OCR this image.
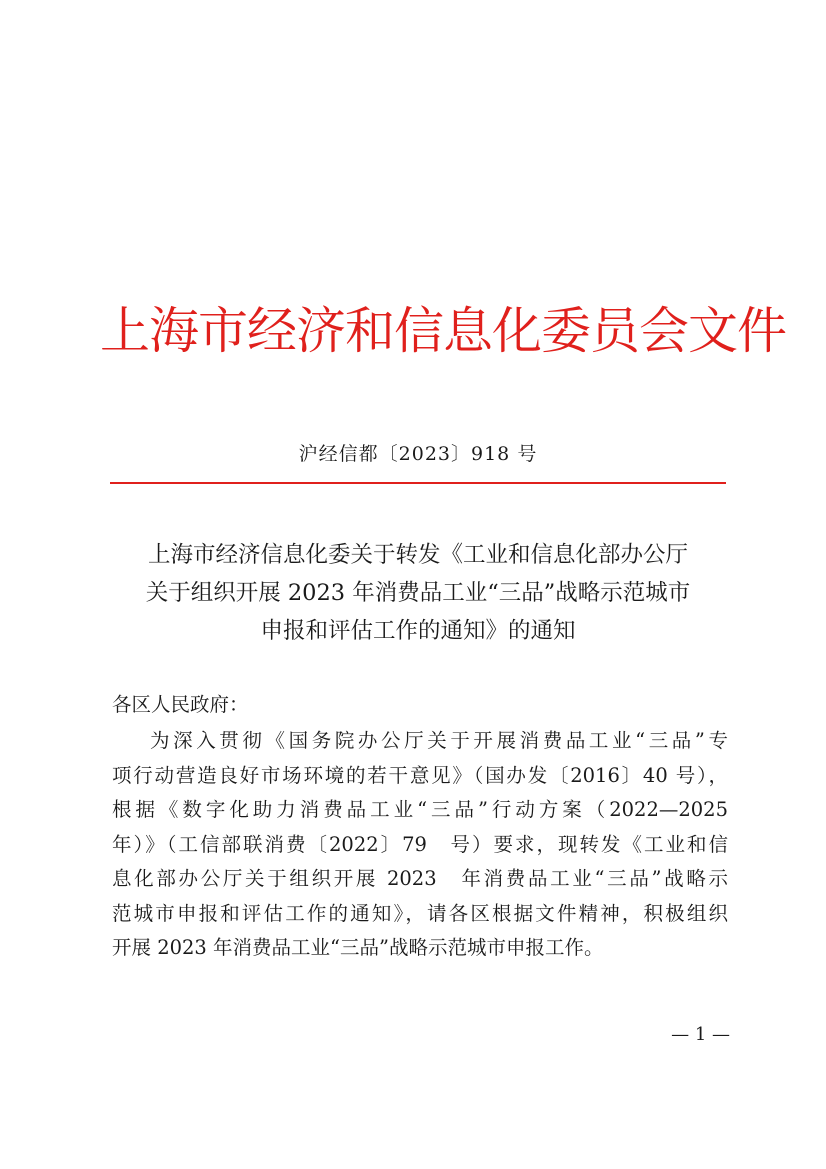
上海市经济和信息化委员会文件
沪经信都〔2023〕918 号
上海市经济信息化委关于转发《工业和信息化部办公厅
关于组织开展 2023 年消费品工业“三品”战略示范城市
申报和评估工作的通知》的通知
各区人民政府：
为深入贯彻《国务院办公厅关于开展消费品工业“三品”专
项行动营造良好市场环境的若干意见》（国办发〔2016〕40 号），
根据《数字化助力消费品工业“三品”行动方案（2022—2025
年）》（工信部联消费〔2022〕79　号）要求，现转发《工业和信
息化部办公厅关于组织开展 2023　年消费品工业“三品”战略示
范城市申报和评估工作的通知》，请各区根据文件精神，积极组织
开展 2023 年消费品工业“三品”战略示范城市申报工作。
— 1 —
